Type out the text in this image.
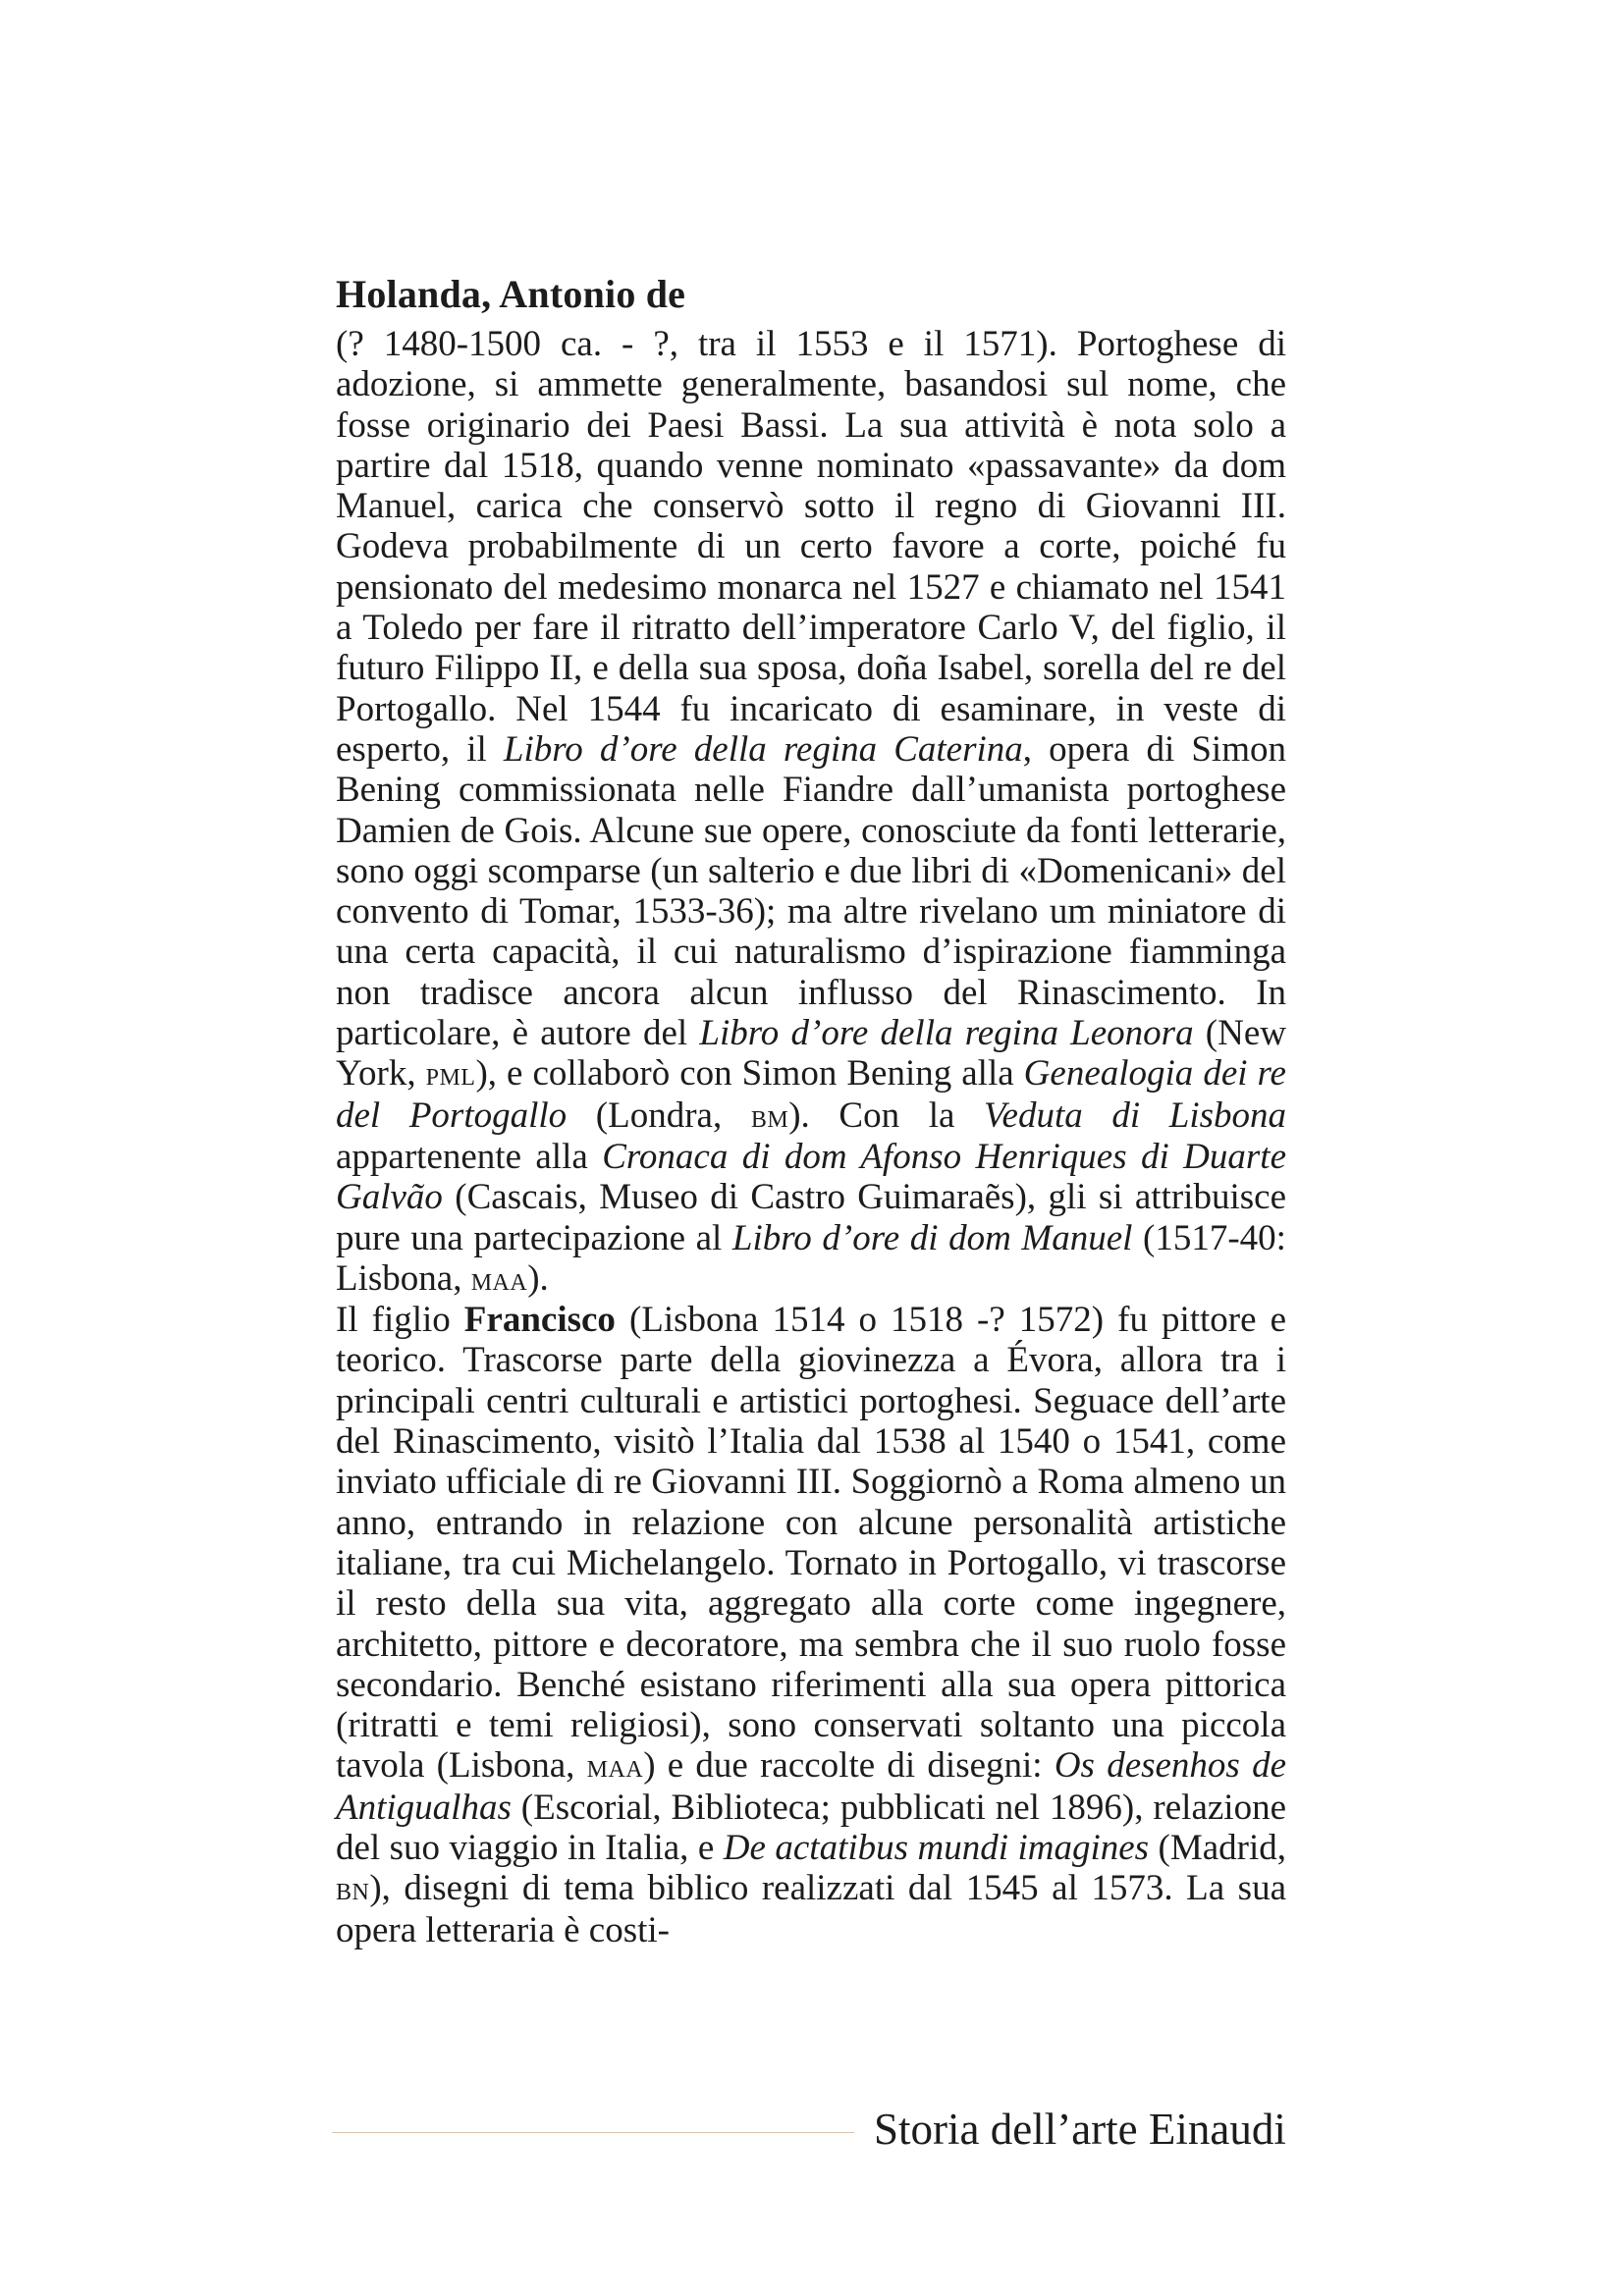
Holanda, Antonio de

(? 1480-1500 ca. - ?, tra il 1553 e il 1571). Portoghese di adozione, si ammette generalmente, basandosi sul nome, che fosse originario dei Paesi Bassi. La sua attività è nota solo a partire dal 1518, quando venne nominato «passavante» da dom Manuel, carica che conservò sotto il regno di Giovanni III. Godeva probabilmente di un certo favore a corte, poiché fu pensionato del medesimo monarca nel 1527 e chiamato nel 1541 a Toledo per fare il ritratto dell’imperatore Carlo V, del figlio, il futuro Filippo II, e della sua sposa, doña Isabel, sorella del re del Portogallo. Nel 1544 fu incaricato di esaminare, in veste di esperto, il Libro d’ore della regina Caterina, opera di Simon Bening commissionata nelle Fiandre dall’umanista portoghese Damien de Gois. Alcune sue opere, conosciute da fonti letterarie, sono oggi scomparse (un salterio e due libri di «Domenicani» del convento di Tomar, 1533-36); ma altre rivelano um miniatore di una certa capacità, il cui naturalismo d’ispirazione fiamminga non tradisce ancora alcun influsso del Rinascimento. In particolare, è autore del Libro d’ore della regina Leonora (New York, pml), e collaborò con Simon Bening alla Genealogia dei re del Portogallo (Londra, bm). Con la Veduta di Lisbona appartenente alla Cronaca di dom Afonso Henriques di Duarte Galvão (Cascais, Museo di Castro Guimaraẽs), gli si attribuisce pure una partecipazione al Libro d’ore di dom Manuel (1517-40: Lisbona, maa).

Il figlio Francisco (Lisbona 1514 o 1518 -? 1572) fu pittore e teorico. Trascorse parte della giovinezza a Évora, allora tra i principali centri culturali e artistici portoghesi. Seguace dell’arte del Rinascimento, visitò l’Italia dal 1538 al 1540 o 1541, come inviato ufficiale di re Giovanni III. Soggiornò a Roma almeno un anno, entrando in relazione con alcune personalità artistiche italiane, tra cui Michelangelo. Tornato in Portogallo, vi trascorse il resto della sua vita, aggregato alla corte come ingegnere, architetto, pittore e decoratore, ma sembra che il suo ruolo fosse secondario. Benché esistano riferimenti alla sua opera pittorica (ritratti e temi religiosi), sono conservati soltanto una piccola tavola (Lisbona, maa) e due raccolte di disegni: Os desenhos de Antigualhas (Escorial, Biblioteca; pubblicati nel 1896), relazione del suo viaggio in Italia, e De actatibus mundi imagines (Madrid, bn), disegni di tema biblico realizzati dal 1545 al 1573. La sua opera letteraria è costi-

Storia dell’arte Einaudi
